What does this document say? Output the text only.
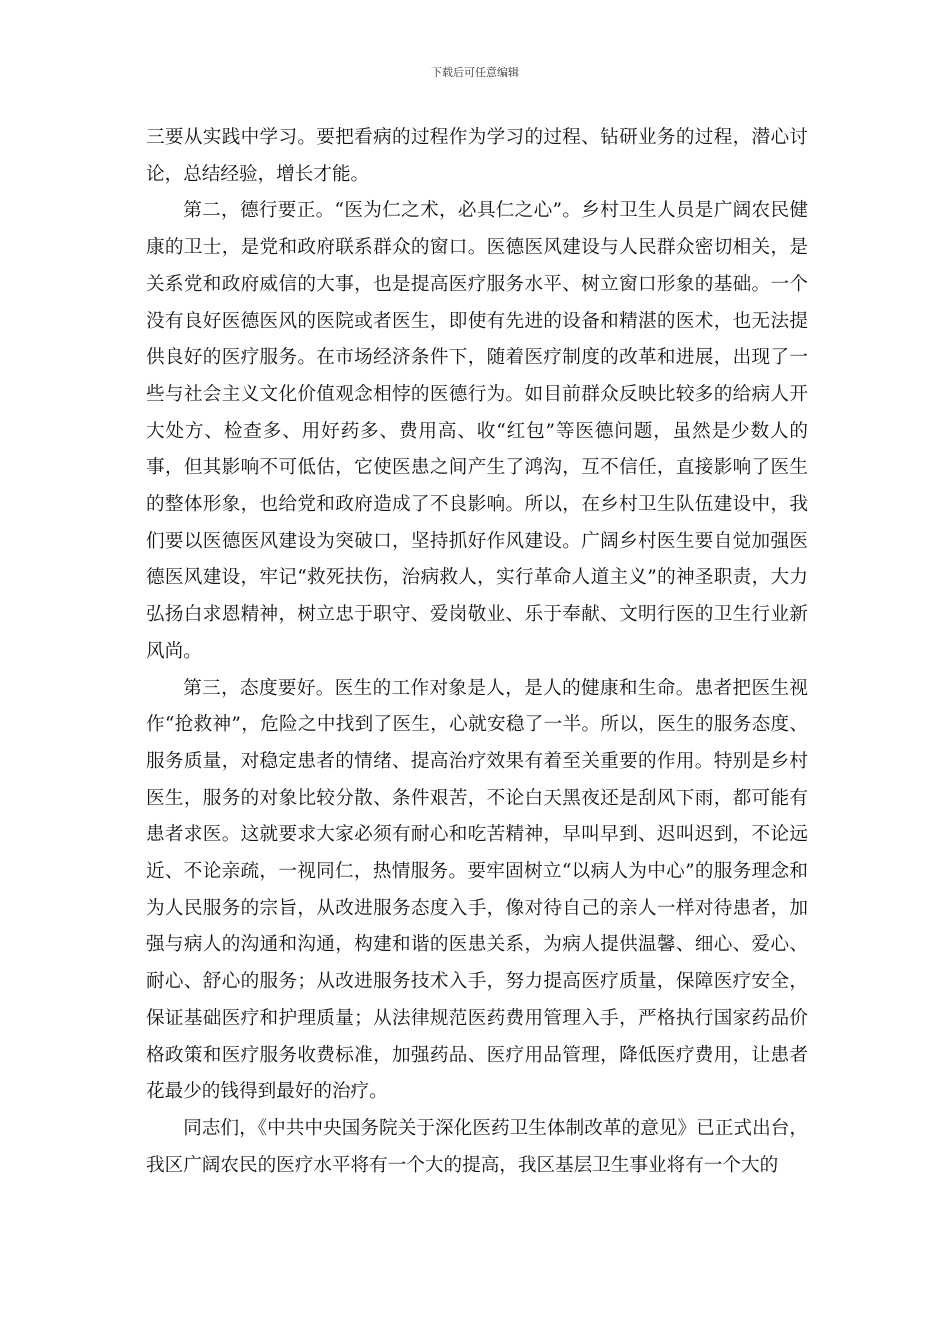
下载后可任意编辑

三要从实践中学习。要把看病的过程作为学习的过程、钻研业务的过程，潜心讨论，总结经验，增长才能。

第二，德行要正。“医为仁之术，必具仁之心”。乡村卫生人员是广阔农民健康的卫士，是党和政府联系群众的窗口。医德医风建设与人民群众密切相关，是关系党和政府威信的大事，也是提高医疗服务水平、树立窗口形象的基础。一个没有良好医德医风的医院或者医生，即使有先进的设备和精湛的医术，也无法提供良好的医疗服务。在市场经济条件下，随着医疗制度的改革和进展，出现了一些与社会主义文化价值观念相悖的医德行为。如目前群众反映比较多的给病人开大处方、检查多、用好药多、费用高、收“红包”等医德问题，虽然是少数人的事，但其影响不可低估，它使医患之间产生了鸿沟，互不信任，直接影响了医生的整体形象，也给党和政府造成了不良影响。所以，在乡村卫生队伍建设中，我们要以医德医风建设为突破口，坚持抓好作风建设。广阔乡村医生要自觉加强医德医风建设，牢记“救死扶伤，治病救人，实行革命人道主义”的神圣职责，大力弘扬白求恩精神，树立忠于职守、爱岗敬业、乐于奉献、文明行医的卫生行业新风尚。

第三，态度要好。医生的工作对象是人，是人的健康和生命。患者把医生视作“抢救神”，危险之中找到了医生，心就安稳了一半。所以，医生的服务态度、服务质量，对稳定患者的情绪、提高治疗效果有着至关重要的作用。特别是乡村医生，服务的对象比较分散、条件艰苦，不论白天黑夜还是刮风下雨，都可能有患者求医。这就要求大家必须有耐心和吃苦精神，早叫早到、迟叫迟到，不论远近、不论亲疏，一视同仁，热情服务。要牢固树立“以病人为中心”的服务理念和为人民服务的宗旨，从改进服务态度入手，像对待自己的亲人一样对待患者，加强与病人的沟通和沟通，构建和谐的医患关系，为病人提供温馨、细心、爱心、耐心、舒心的服务；从改进服务技术入手，努力提高医疗质量，保障医疗安全，保证基础医疗和护理质量；从法律规范医药费用管理入手，严格执行国家药品价格政策和医疗服务收费标准，加强药品、医疗用品管理，降低医疗费用，让患者花最少的钱得到最好的治疗。

同志们，《中共中央国务院关于深化医药卫生体制改革的意见》已正式出台，我区广阔农民的医疗水平将有一个大的提高，我区基层卫生事业将有一个大的
